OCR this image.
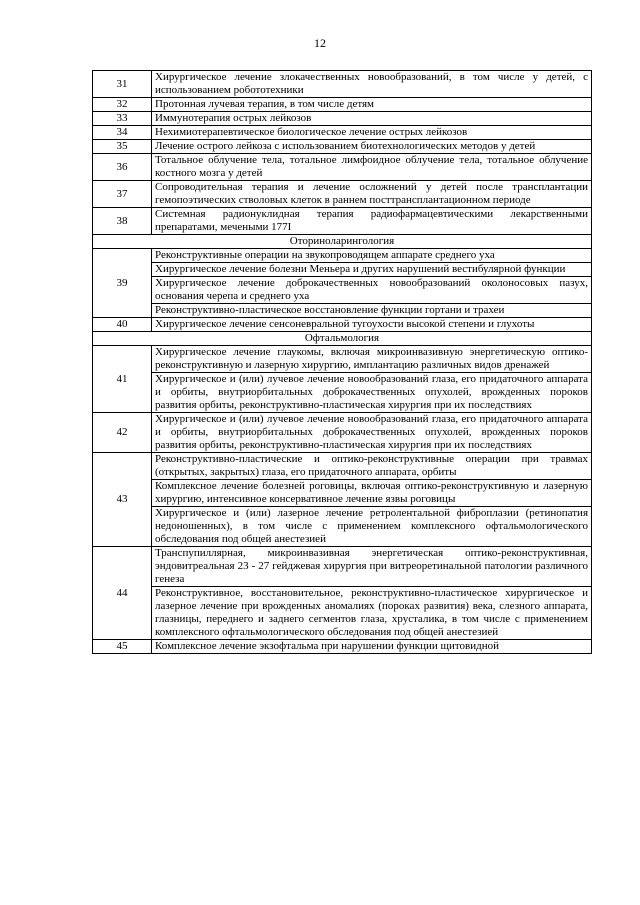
12
31	Хирургическое лечение злокачественных новообразований, в том числе у детей, с использованием робототехники
32	Протонная лучевая терапия, в том числе детям
33	Иммунотерапия острых лейкозов
34	Нехимиотерапевтическое биологическое лечение острых лейкозов
35	Лечение острого лейкоза с использованием биотехнологических методов у детей
36	Тотальное облучение тела, тотальное лимфоидное облучение тела, тотальное облучение костного мозга у детей
37	Сопроводительная терапия и лечение осложнений у детей после трансплантации гемопоэтических стволовых клеток в раннем посттрансплантационном периоде
38	Системная радионуклидная терапия радиофармацевтическими лекарственными препаратами, мечеными 177I
Оториноларингология	
39	Реконструктивные операции на звукопроводящем аппарате среднего уха
	Хирургическое лечение болезни Меньера и других нарушений вестибулярной функции
	Хирургическое лечение доброкачественных новообразований околоносовых пазух, основания черепа и среднего уха
	Реконструктивно-пластическое восстановление функции гортани и трахеи
40	Хирургическое лечение сенсоневральной тугоухости высокой степени и глухоты
Офтальмология	
41	Хирургическое лечение глаукомы, включая микроинвазивную энергетическую оптико-реконструктивную и лазерную хирургию, имплантацию различных видов дренажей
	Хирургическое и (или) лучевое лечение новообразований глаза, его придаточного аппарата и орбиты, внутриорбитальных доброкачественных опухолей, врожденных пороков развития орбиты, реконструктивно-пластическая хирургия при их последствиях
42	Хирургическое и (или) лучевое лечение новообразований глаза, его придаточного аппарата и орбиты, внутриорбитальных доброкачественных опухолей, врожденных пороков развития орбиты, реконструктивно-пластическая хирургия при их последствиях
43	Реконструктивно-пластические и оптико-реконструктивные операции при травмах (открытых, закрытых) глаза, его придаточного аппарата, орбиты
	Комплексное лечение болезней роговицы, включая оптико-реконструктивную и лазерную хирургию, интенсивное консервативное лечение язвы роговицы
	Хирургическое и (или) лазерное лечение ретролентальной фиброплазии (ретинопатия недоношенных), в том числе с применением комплексного офтальмологического обследования под общей анестезией
44	Транспупиллярная, микроинвазивная энергетическая оптико-реконструктивная, эндовитреальная 23 - 27 гейджевая хирургия при витреоретинальной патологии различного генеза
	Реконструктивное, восстановительное, реконструктивно-пластическое хирургическое и лазерное лечение при врожденных аномалиях (пороках развития) века, слезного аппарата, глазницы, переднего и заднего сегментов глаза, хрусталика, в том числе с применением комплексного офтальмологического обследования под общей анестезией
45	Комплексное лечение экзофтальма при нарушении функции щитовидной
